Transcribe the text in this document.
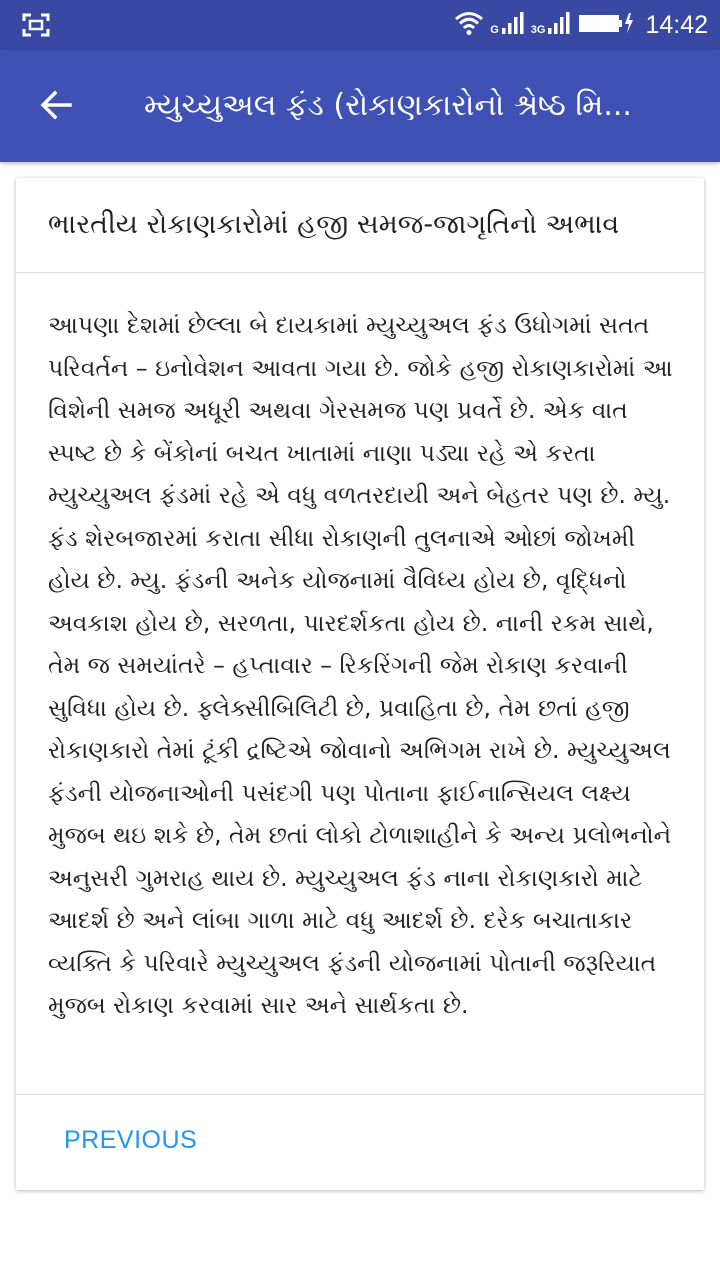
G	3G	14:42
મ્યુચ્યુઅલ ફંડ (રોકાણકારોનો શ્રેષ્ઠ મિ...
ભારતીય રોકાણકારોમાં હજી સમજ-જાગૃતિનો અભાવ
આપણા દેશમાં છેલ્લા બે દાયકામાં મ્યુચ્યુઅલ ફંડ ઉધોગમાં સતત પરિવર્તન – ઇનોવેશન આવતા ગયા છે. જોકે હજી રોકાણકારોમાં આ વિશેની સમજ અધૂરી અથવા ગેરસમજ પણ પ્રવર્તે છે. એક વાત સ્પષ્ટ છે કે બેંકોનાં બચત ખાતામાં નાણા પડ્યા રહે એ કરતા મ્યુચ્યુઅલ ફંડમાં રહે એ વધુ વળતરદાયી અને બેહતર પણ છે. મ્યુ. ફંડ શેરબજારમાં કરાતા સીધા રોકાણની તુલનાએ ઓછાં જોખમી હોય છે. મ્યુ. ફંડની અનેક યોજનામાં વૈવિધ્ય હોય છે, વૃદ્ધિનો અવકાશ હોય છે, સરળતા, પારદર્શકતા હોય છે. નાની રકમ સાથે, તેમ જ સમયાંતરે – હપ્તાવાર – રિકરિંગની જેમ રોકાણ કરવાની સુવિધા હોય છે. ફ્લેક્સીબિલિટી છે, પ્રવાહિતા છે, તેમ છતાં હજી રોકાણકારો તેમાં ટૂંકી દ્રષ્ટિએ જોવાનો અભિગમ રાખે છે. મ્યુચ્યુઅલ ફંડની યોજનાઓની પસંદગી પણ પોતાના ફાઈનાન્સિયલ લક્ષ્ય મુજબ થઇ શકે છે, તેમ છતાં લોકો ટોળાશાહીને કે અન્ય પ્રલોભનોને અનુસરી ગુમરાહ થાય છે. મ્યુચ્યુઅલ ફંડ નાના રોકાણકારો માટે આદર્શ છે અને લાંબા ગાળા માટે વધુ આદર્શ છે. દરેક બચાતાકાર વ્યક્તિ કે પરિવારે મ્યુચ્યુઅલ ફંડની યોજનામાં પોતાની જરૂરિયાત મુજબ રોકાણ કરવામાં સાર અને સાર્થકતા છે.
PREVIOUS
